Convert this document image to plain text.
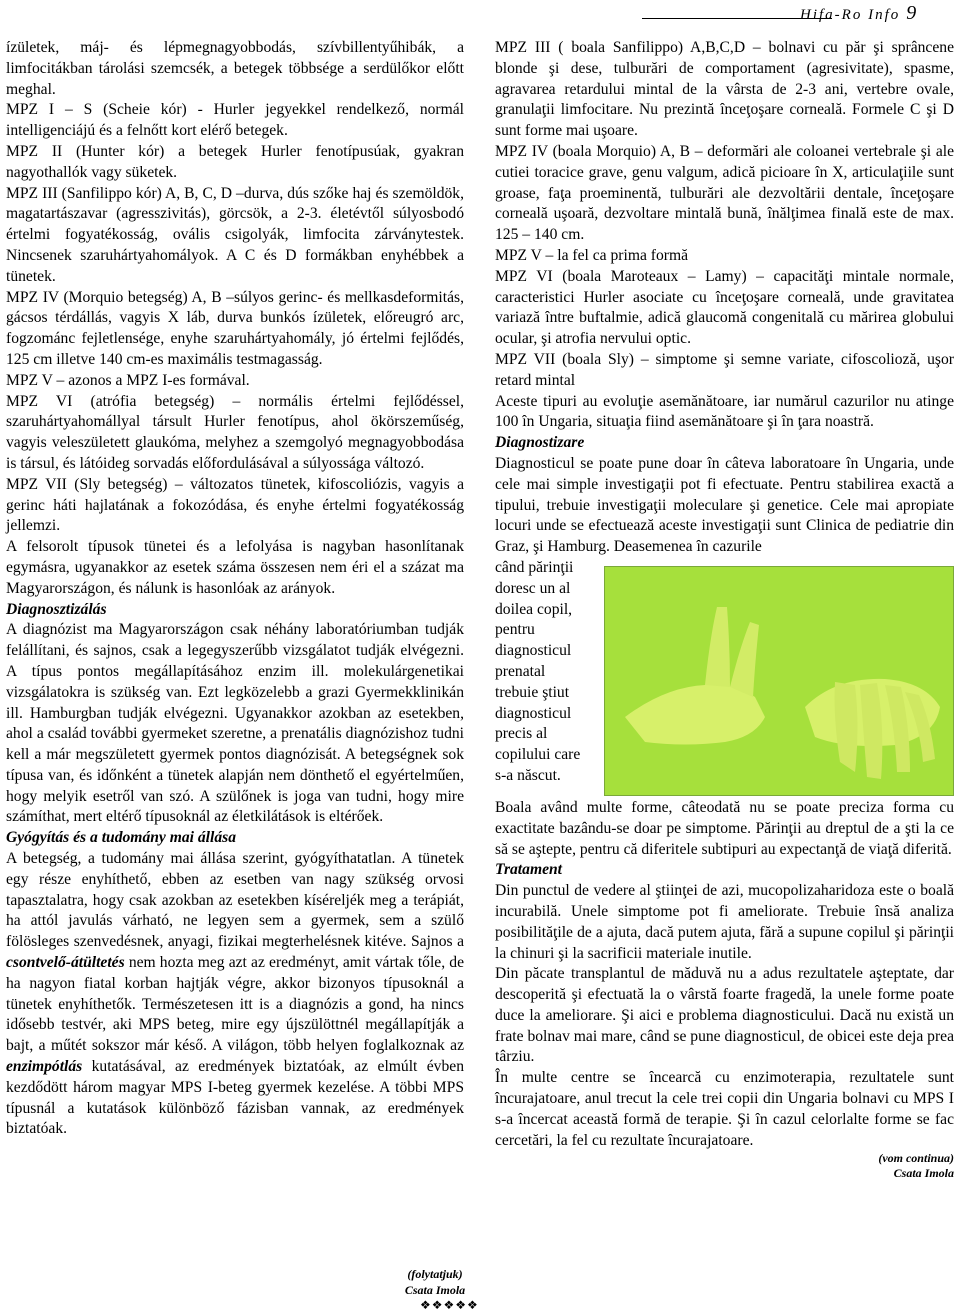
Hifa-Ro Info 9

ízületek, máj- és lépmegnagyobbodás, szívbillentyűhibák, a limfocitákban tárolási szemcsék, a betegek többsége a serdülőkor előtt meghal.

MPZ I – S (Scheie kór) - Hurler jegyekkel rendelkező, normál intelligenciájú és a felnőtt kort elérő betegek.

MPZ II (Hunter kór) a betegek Hurler fenotípusúak, gyakran nagyothallók vagy süketek.

MPZ III (Sanfilippo kór) A, B, C, D –durva, dús szőke haj és szemöldök, magatartászavar (agresszivitás), görcsök, a 2-3. életévtől súlyosbodó értelmi fogyatékosság, ovális csigolyák, limfocita zárványtestek. Nincsenek szaruhártyahomályok. A C és D formákban enyhébbek a tünetek.

MPZ IV (Morquio betegség) A, B –súlyos gerinc- és mellkasdeformitás, gácsos térdállás, vagyis X láb, durva bunkós ízületek, előreugró arc, fogzománc fejletlensége, enyhe szaruhártyahomály, jó értelmi fejlődés, 125 cm illetve 140 cm-es maximális testmagasság.

MPZ V – azonos a MPZ I-es formával.

MPZ VI (atrófia betegség) – normális értelmi fejlődéssel, szaruhártyahomállyal társult Hurler fenotípus, ahol ökörszeműség, vagyis veleszületett glaukóma, melyhez a szemgolyó megnagyobbodása is társul, és látóideg sorvadás előfordulásával a súlyossága változó.

MPZ VII (Sly betegség) – változatos tünetek, kifoscoliózis, vagyis a gerinc háti hajlatának a fokozódása, és enyhe értelmi fogyatékosság jellemzi.

A felsorolt típusok tünetei és a lefolyása is nagyban hasonlítanak egymásra, ugyanakkor az esetek száma összesen nem éri el a százat ma Magyarországon, és nálunk is hasonlóak az arányok.

Diagnosztizálás

A diagnózist ma Magyarországon csak néhány laboratóriumban tudják felállítani, és sajnos, csak a legegyszerűbb vizsgálatot tudják elvégezni. A típus pontos megállapításához enzim ill. molekulárgenetikai vizsgálatokra is szükség van. Ezt legközelebb a grazi Gyermekklinikán ill. Hamburgban tudják elvégezni. Ugyanakkor azokban az esetekben, ahol a család további gyermeket szeretne, a prenatális diagnózishoz tudni kell a már megszületett gyermek pontos diagnózisát. A betegségnek sok típusa van, és időnként a tünetek alapján nem dönthető el egyértelműen, hogy melyik esetről van szó. A szülőnek is joga van tudni, hogy mire számíthat, mert eltérő típusoknál az életkilátások is eltérőek.

Gyógyítás és a tudomány mai állása

A betegség, a tudomány mai állása szerint, gyógyíthatatlan. A tünetek egy része enyhíthető, ebben az esetben van nagy szükség orvosi tapasztalatra, hogy csak azokban az esetekben kíséreljék meg a terápiát, ha attól javulás várható, ne legyen sem a gyermek, sem a szülő fölösleges szenvedésnek, anyagi, fizikai megterhelésnek kitéve. Sajnos a csontvelő-átültetés nem hozta meg azt az eredményt, amit vártak tőle, de ha nagyon fiatal korban hajtják végre, akkor bizonyos típusoknál a tünetek enyhíthetők. Természetesen itt is a diagnózis a gond, ha nincs idősebb testvér, aki MPS beteg, mire egy újszülöttnél megállapítják a bajt, a műtét sokszor már késő. A világon, több helyen foglalkoznak az enzimpótlás kutatásával, az eredmények biztatóak, az elmúlt évben kezdődött három magyar MPS I-beteg gyermek kezelése. A többi MPS típusnál a kutatások különböző fázisban vannak, az eredmények biztatóak.

(folytatjuk)
Csata Imola
❖❖❖❖❖

MPZ III ( boala Sanfilippo) A,B,C,D – bolnavi cu păr şi sprâncene blonde şi dese, tulburări de comportament (agresivitate), spasme, agravarea retardului mintal de la vârsta de 2-3 ani, vertebre ovale, granulaţii limfocitare. Nu prezintă înceţoşare corneală. Formele C şi D sunt forme mai uşoare.

MPZ IV (boala Morquio) A, B – deformări ale coloanei vertebrale şi ale cutiei toracice grave, genu valgum, adică picioare în X, articulaţiile sunt groase, faţa proeminentă, tulburări ale dezvoltării dentale, înceţoşare corneală uşoară, dezvoltare mintală bună, înălţimea finală este de max. 125 – 140 cm.

MPZ V – la fel ca prima formă

MPZ VI (boala Maroteaux – Lamy) – capacităţi mintale normale, caracteristici Hurler asociate cu înceţoşare corneală, unde gravitatea variază între buftalmie, adică glaucomă congenitală cu mărirea globului ocular, şi atrofia nervului optic.

MPZ VII (boala Sly) – simptome şi semne variate, cifoscolioză, uşor retard mintal

Aceste tipuri au evoluţie asemănătoare, iar numărul cazurilor nu atinge 100 în Ungaria, situaţia fiind asemănătoare şi în ţara noastră.

Diagnostizare

Diagnosticul se poate pune doar în câteva laboratoare în Ungaria, unde cele mai simple investigaţii pot fi efectuate. Pentru stabilirea exactă a tipului, trebuie investigaţii moleculare şi genetice. Cele mai apropiate locuri unde se efectuează aceste investigaţii sunt Clinica de pediatrie din Graz, şi Hamburg. Deasemenea în cazurile

când părinţii
doresc un al
doilea copil,
pentru
diagnosticul
prenatal
trebuie ştiut
diagnosticul
precis al
copilului care
s-a născut.

Boala având multe forme, câteodată nu se poate preciza forma cu exactitate bazându-se doar pe simptome. Părinţii au dreptul de a şti la ce să se aştepte, pentru că diferitele subtipuri au expectanţă de viaţă diferită.

Tratament

Din punctul de vedere al ştiinţei de azi, mucopolizaharidoza este o boală incurabilă. Unele simptome pot fi ameliorate. Trebuie însă analiza posibilităţile de a ajuta, dacă putem ajuta, fără a supune copilul şi părinţii la chinuri şi la sacrificii materiale inutile.

Din păcate transplantul de măduvă nu a adus rezultatele aşteptate, dar descoperită şi efectuată la o vârstă foarte fragedă, la unele forme poate duce la ameliorare. Şi aici e problema diagnosticului. Dacă nu există un frate bolnav mai mare, când se pune diagnosticul, de obicei este deja prea târziu.

În multe centre se încearcă cu enzimoterapia, rezultatele sunt încurajatoare, anul trecut la cele trei copii din Ungaria bolnavi cu MPS I s-a încercat această formă de terapie. Şi în cazul celorlalte forme se fac cercetări, la fel cu rezultate încurajatoare.

(vom continua)
Csata Imola
